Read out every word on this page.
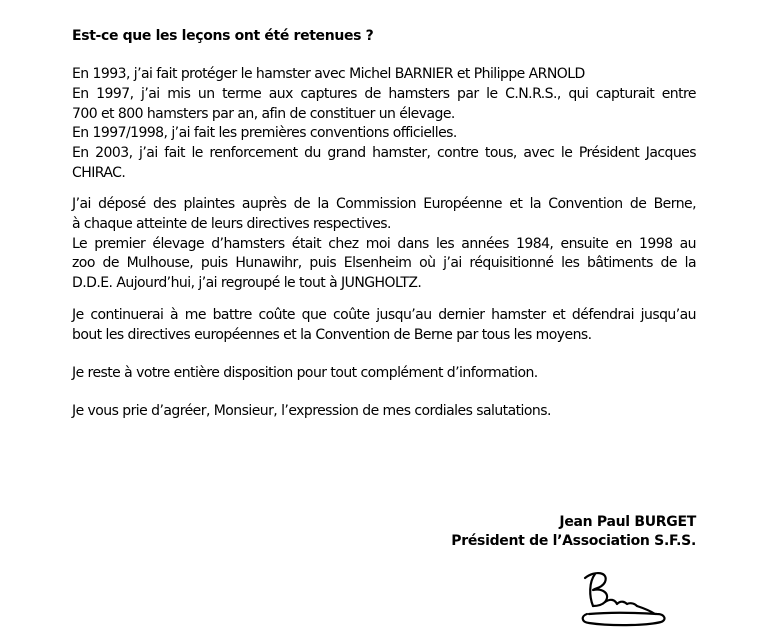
Est-ce que les leçons ont été retenues ?
En 1993, j’ai fait protéger le hamster avec Michel BARNIER et Philippe ARNOLD
En 1997, j’ai mis un terme aux captures de hamsters par le C.N.R.S., qui capturait entre
700 et 800 hamsters par an, afin de constituer un élevage.
En 1997/1998, j’ai fait les premières conventions officielles.
En 2003, j’ai fait le renforcement du grand hamster, contre tous, avec le Président Jacques
CHIRAC.
J’ai déposé des plaintes auprès de la Commission Européenne et la Convention de Berne,
à chaque atteinte de leurs directives respectives.
Le premier élevage d’hamsters était chez moi dans les années 1984, ensuite en 1998 au
zoo de Mulhouse, puis Hunawihr, puis Elsenheim où j’ai réquisitionné les bâtiments de la
D.D.E. Aujourd’hui, j’ai regroupé le tout à JUNGHOLTZ.
Je continuerai à me battre coûte que coûte jusqu’au dernier hamster et défendrai jusqu’au
bout les directives européennes et la Convention de Berne par tous les moyens.
Je reste à votre entière disposition pour tout complément d’information.
Je vous prie d’agréer, Monsieur, l’expression de mes cordiales salutations.
Jean Paul BURGET
Président de l’Association S.F.S.
